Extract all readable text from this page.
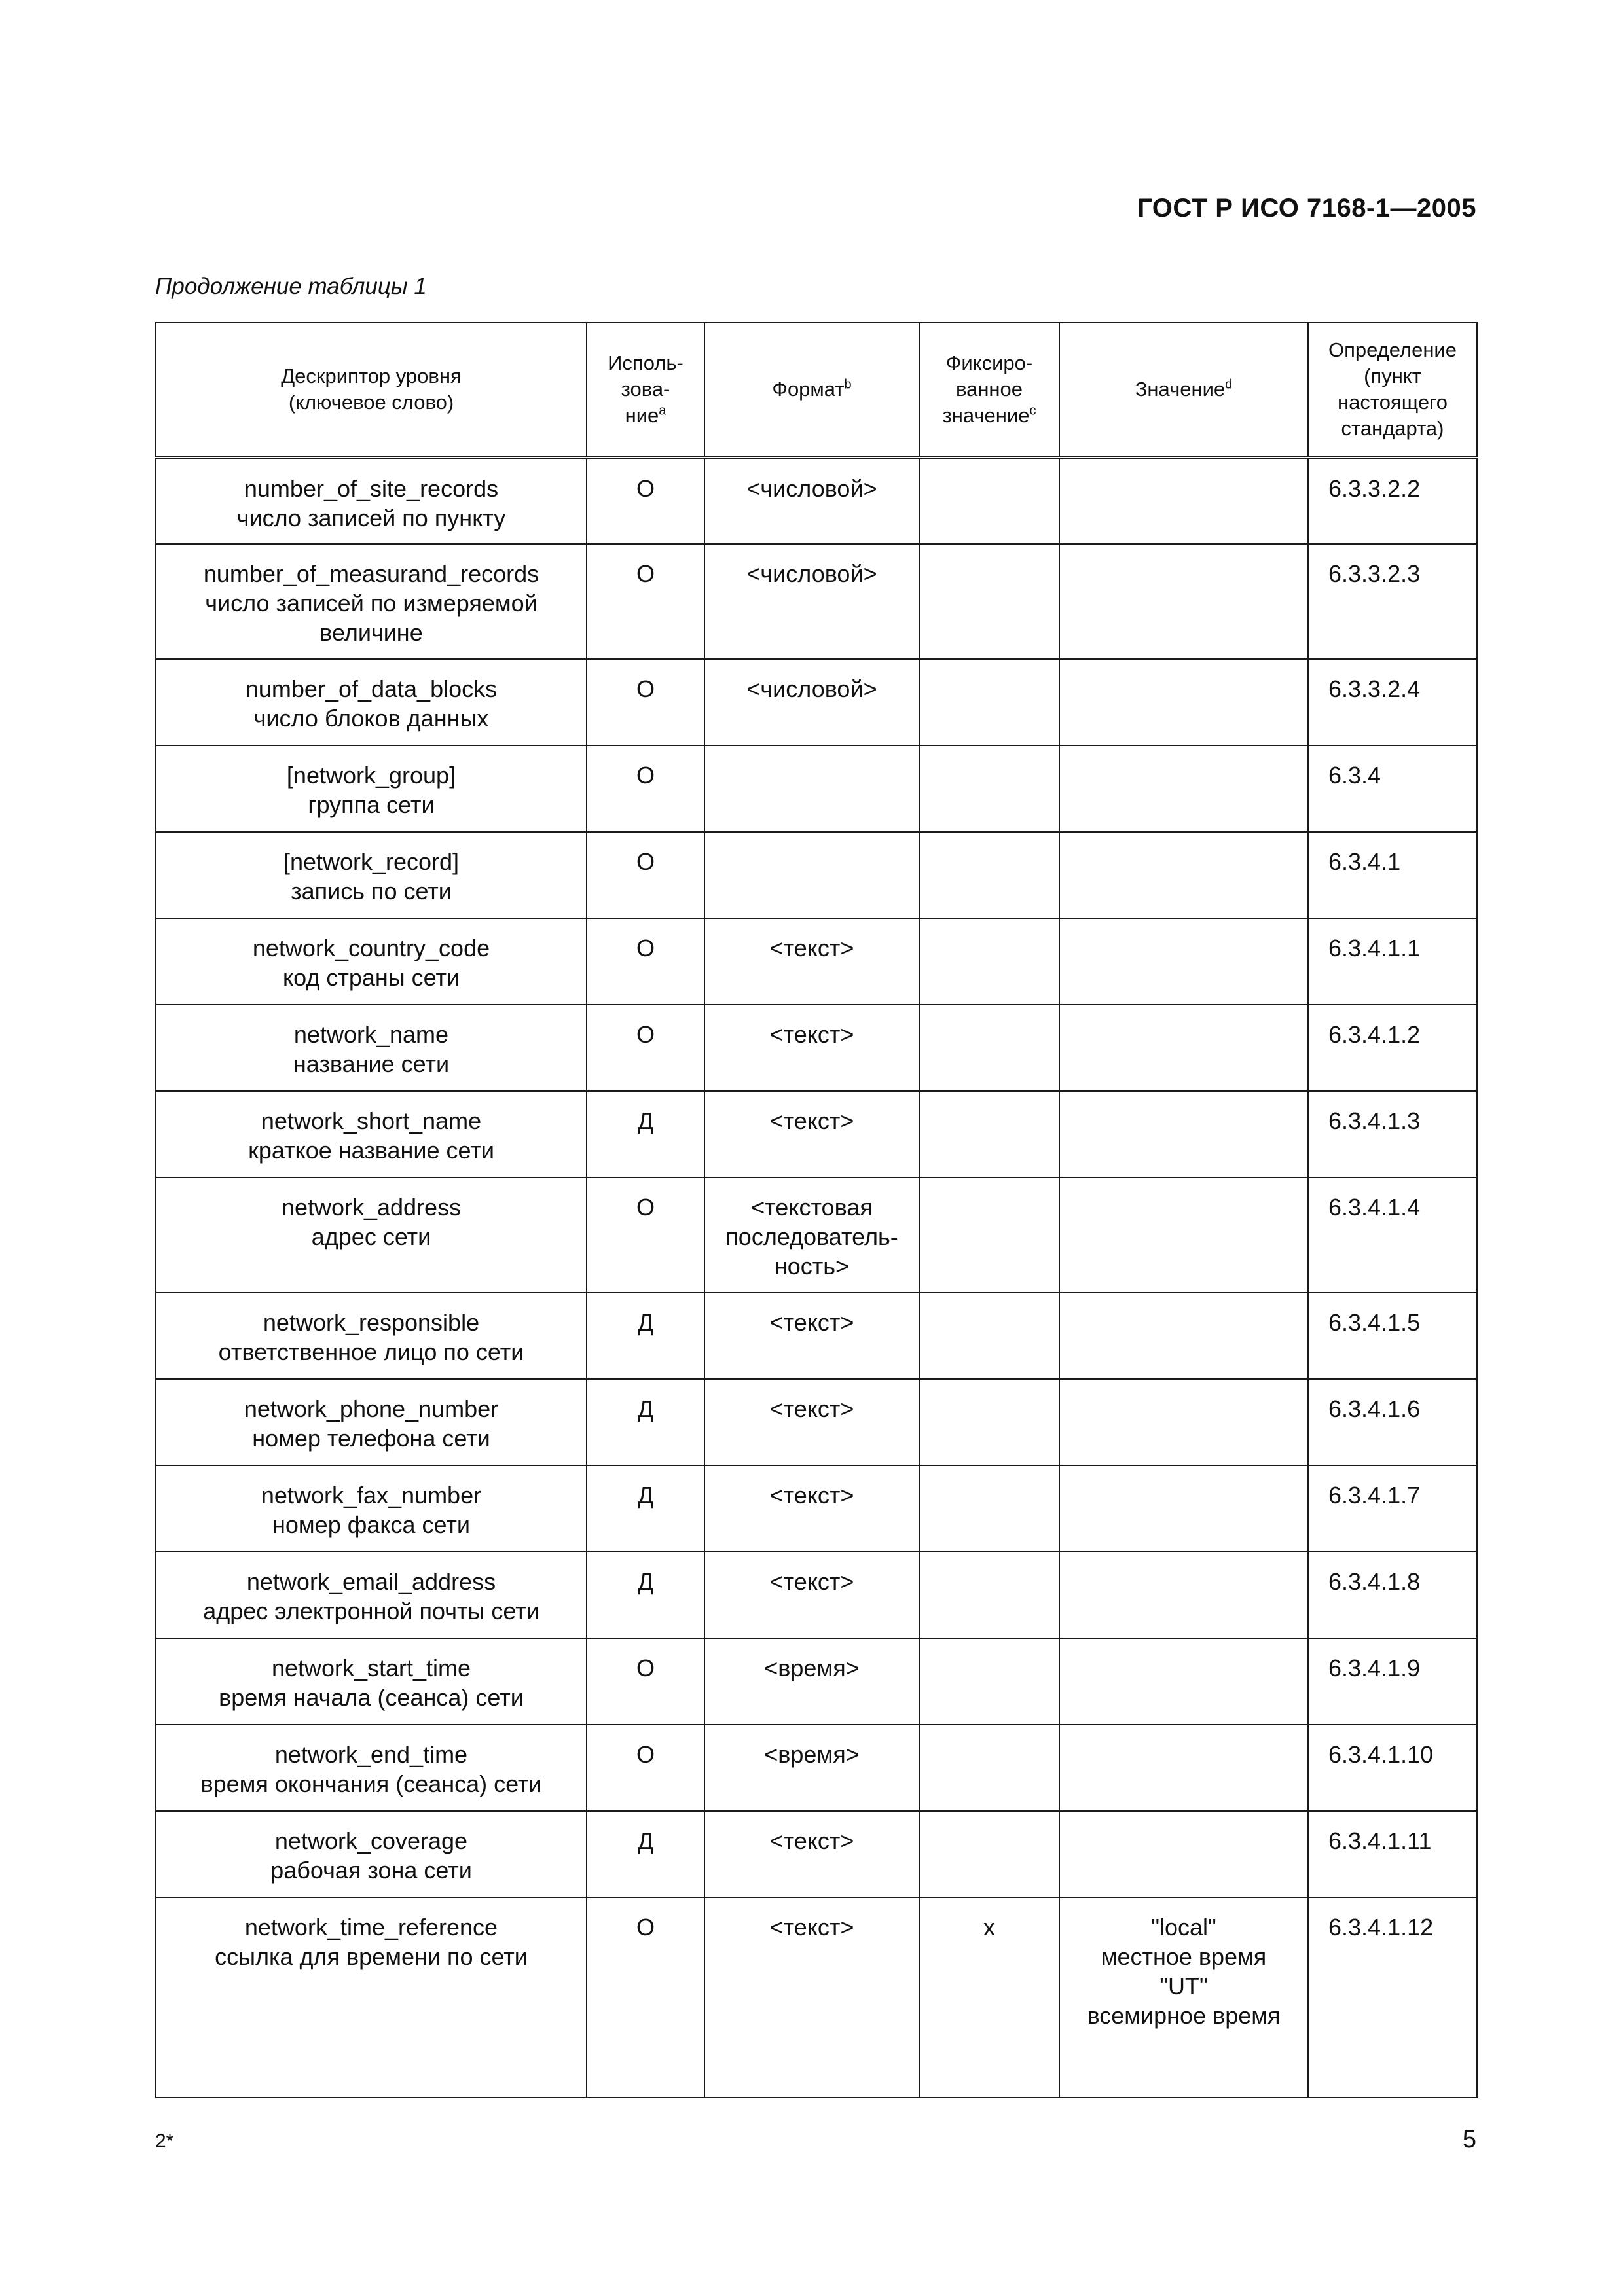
ГОСТ Р ИСО 7168-1—2005
Продолжение таблицы 1
Дескриптор уровня
(ключевое слово)	Исполь-
зова-
ние$^a$	Формат$^b$	Фиксиро-
ванное
значение$^c$	Значение$^d$	Определение
(пункт
настоящего
стандарта)

number_of_site_records
число записей по пункту	О	<числовой>			6.3.3.2.2

number_of_measurand_records
число записей по измеряемой величине	О	<числовой>			6.3.3.2.3

number_of_data_blocks
число блоков данных	О	<числовой>			6.3.3.2.4

[network_group]
группа сети	О				6.3.4

[network_record]
запись по сети	О				6.3.4.1

network_country_code
код страны сети	О	<текст>			6.3.4.1.1

network_name
название сети	О	<текст>			6.3.4.1.2

network_short_name
краткое название сети	Д	<текст>			6.3.4.1.3

network_address
адрес сети	О	<текстовая последователь-ность>			6.3.4.1.4

network_responsible
ответственное лицо по сети	Д	<текст>			6.3.4.1.5

network_phone_number
номер телефона сети	Д	<текст>			6.3.4.1.6

network_fax_number
номер факса сети	Д	<текст>			6.3.4.1.7

network_email_address
адрес электронной почты сети	Д	<текст>			6.3.4.1.8

network_start_time
время начала (сеанса) сети	О	<время>			6.3.4.1.9

network_end_time
время окончания (сеанса) сети	О	<время>			6.3.4.1.10

network_coverage
рабочая зона сети	Д	<текст>			6.3.4.1.11

network_time_reference
ссылка для времени по сети	О	<текст>	x	"local"
местное время
"UT"
всемирное время	6.3.4.1.12
2*	5
